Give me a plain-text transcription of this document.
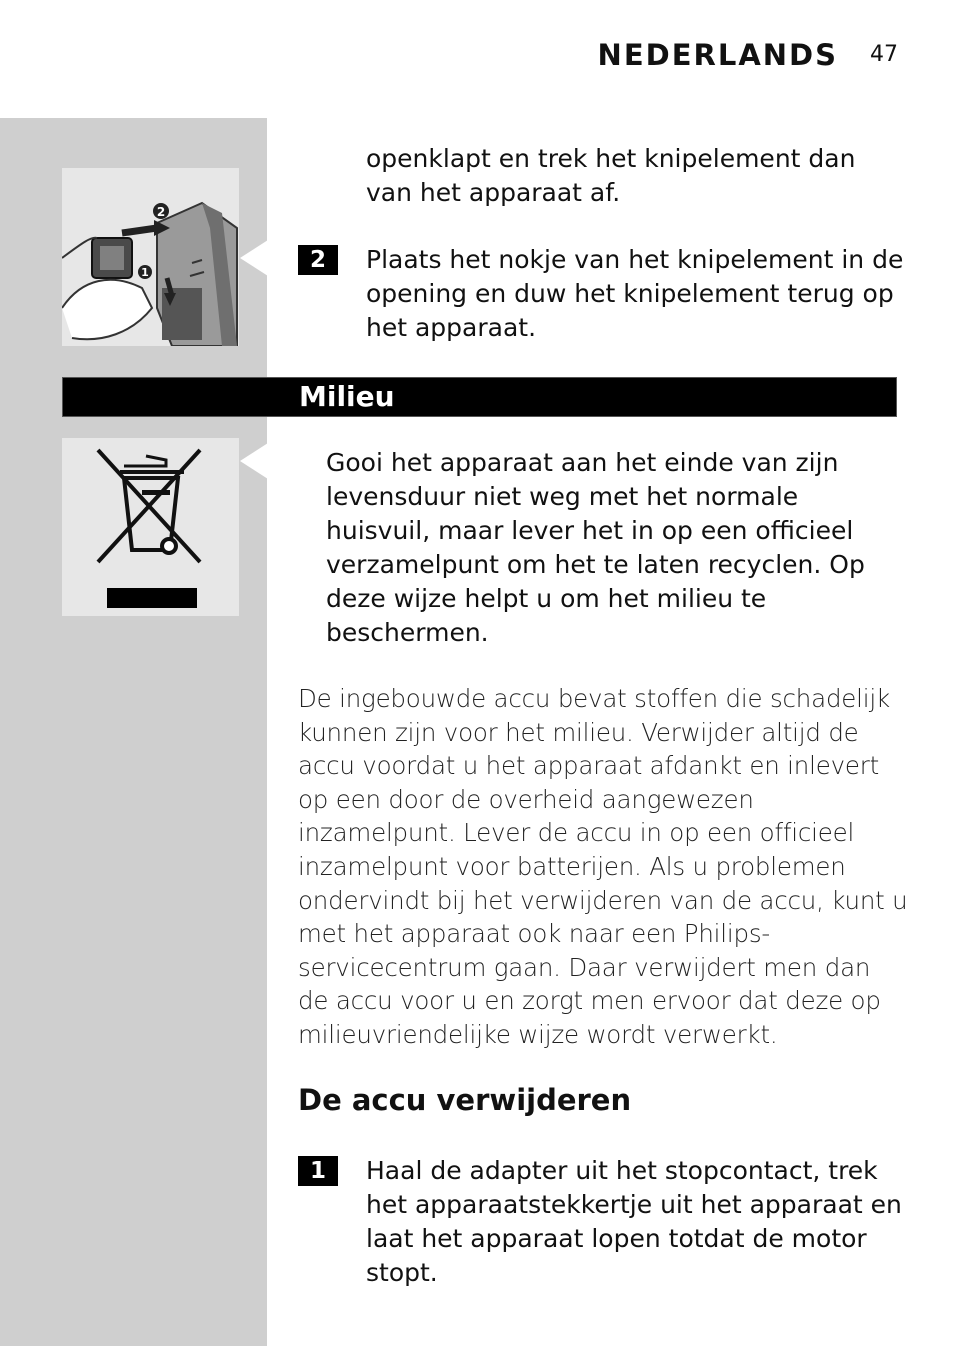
NEDERLANDS 47
2
1
openklapt en trek het knipelement dan van het apparaat af.
2	Plaats het nokje van het knipelement in de opening en duw het knipelement terug op het apparaat.
Milieu
Gooi het apparaat aan het einde van zijn levensduur niet weg met het normale huisvuil, maar lever het in op een officieel verzamelpunt om het te laten recyclen. Op deze wijze helpt u om het milieu te beschermen.
De ingebouwde accu bevat stoffen die schadelijk kunnen zijn voor het milieu. Verwijder altijd de accu voordat u het apparaat afdankt en inlevert op een door de overheid aangewezen inzamelpunt. Lever de accu in op een officieel inzamelpunt voor batterijen. Als u problemen ondervindt bij het verwijderen van de accu, kunt u met het apparaat ook naar een Philips-servicecentrum gaan. Daar verwijdert men dan de accu voor u en zorgt men ervoor dat deze op milieuvriendelijke wijze wordt verwerkt.
De accu verwijderen
1	Haal de adapter uit het stopcontact, trek het apparaatstekkertje uit het apparaat en laat het apparaat lopen totdat de motor stopt.
